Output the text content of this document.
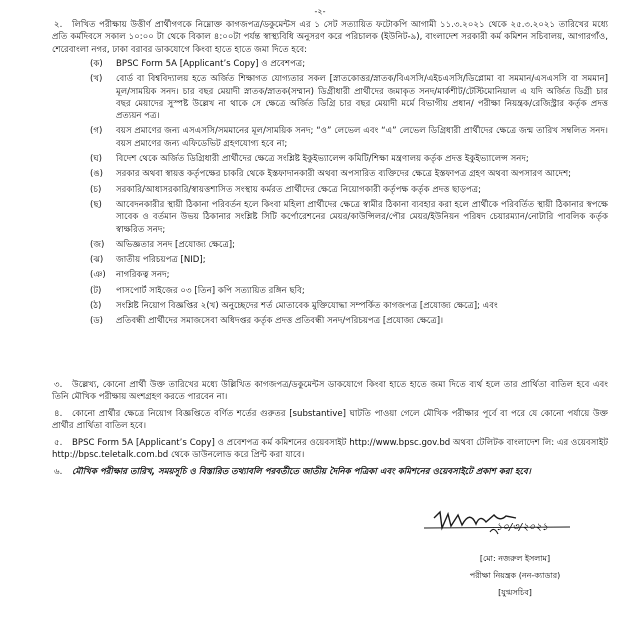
-২-
২. লিখিত পরীক্ষায় উত্তীর্ণ প্রার্থীগণকে নিম্নোক্ত কাগজপত্র/ডকুমেন্টস এর ১ সেট সত্যায়িত ফটোকপি আগামী ১১.৩.২০২১ থেকে ২৫.৩.২০২১ তারিখের মধ্যে প্রতি কর্মদিবসে সকাল ১০:০০ টা থেকে বিকাল ৪:০০টা পর্যন্ত স্বাস্থ্যবিধি অনুসরণ করে পরিচালক (ইউনিট-৯), বাংলাদেশ সরকারী কর্ম কমিশন সচিবালয়, আগারগাঁও, শেরেবাংলা নগর, ঢাকা বরাবর ডাকযোগে কিংবা হাতে হাতে জমা দিতে হবে:
(ক) BPSC Form 5A [Applicant’s Copy] ও প্রবেশপত্র;
(খ) বোর্ড বা বিশ্ববিদ্যালয় হতে অর্জিত শিক্ষাগত যোগ্যতার সকল [স্নাতকোত্তর/স্নাতক/বিএসসি/এইচএসসি/ডিপ্লোমা বা সমমান/এসএসসি বা সমমান] মূল/সাময়িক সনদ। চার বছর মেয়াদী স্নাতক/স্নাতক(সম্মান) ডিগ্রীধারী প্রার্থীদের জমাকৃত সনদ/মার্কশীট/টেস্টিমোনিয়াল এ যদি অর্জিত ডিগ্রী চার বছর মেয়াদের সুস্পষ্ট উল্লেখ না থাকে সে ক্ষেত্রে অর্জিত ডিগ্রি চার বছর মেয়াদী মর্মে বিভাগীয় প্রধান/ পরীক্ষা নিয়ন্ত্রক/রেজিস্ট্রার কর্তৃক প্রদত্ত প্রত্যয়ন পত্র।
(গ) বয়স প্রমাণের জন্য এসএসসি/সমমানের মূল/সাময়িক সনদ; “ও” লেভেল এবং “এ” লেভেল ডিগ্রিধারী প্রার্থীদের ক্ষেত্রে জন্ম তারিখ সম্বলিত সনদ। বয়স প্রমাণের জন্য এফিডেভিট গ্রহণযোগ্য হবে না;
(ঘ) বিদেশ থেকে অর্জিত ডিগ্রিধারী প্রার্থীদের ক্ষেত্রে সংশ্লিষ্ট ইকুইভ্যালেন্স কমিটি/শিক্ষা মন্ত্রণালয় কর্তৃক প্রদত্ত ইকুইভ্যালেন্স সনদ;
(ঙ) সরকার অথবা স্বায়ত্ত কর্তৃপক্ষের চাকরি থেকে ইস্তফাদানকারী অথবা অপসারিত ব্যক্তিদের ক্ষেত্রে ইস্তফাপত্র গ্রহণ অথবা অপসারণ আদেশ;
(চ) সরকারি/আধাসরকারি/স্বায়ত্তশাসিত সংস্থায় কর্মরত প্রার্থীদের ক্ষেত্রে নিয়োগকারী কর্তৃপক্ষ কর্তৃক প্রদত্ত ছাড়পত্র;
(ছ) আবেদনকারীর স্থায়ী ঠিকানা পরিবর্তন হলে কিংবা মহিলা প্রার্থীদের ক্ষেত্রে স্বামীর ঠিকানা ব্যবহার করা হলে প্রার্থীকে পরিবর্তিত স্থায়ী ঠিকানার স্বপক্ষে সাবেক ও বর্তমান উভয় ঠিকানার সংশ্লিষ্ট সিটি কর্পোরেশনের মেয়র/কাউন্সিলর/পৌর মেয়র/ইউনিয়ন পরিষদ চেয়ারম্যান/নোটারি পাবলিক কর্তৃক স্বাক্ষরিত সনদ;
(জ) অভিজ্ঞতার সনদ [প্রযোজ্য ক্ষেত্রে];
(ঝ) জাতীয় পরিচয়পত্র [NID];
(ঞ) নাগরিকত্ব সনদ;
(ট) পাসপোর্ট সাইজের ০৩ [তিন] কপি সত্যায়িত রঙ্গিন ছবি;
(ঠ) সংশ্লিষ্ট নিয়োগ বিজ্ঞপ্তির ২(খ) অনুচ্ছেদের শর্ত মোতাবেক মুক্তিযোদ্ধা সম্পর্কিত কাগজপত্র [প্রযোজ্য ক্ষেত্রে]; এবং
(ড) প্রতিবন্ধী প্রার্থীদের সমাজসেবা অধিদপ্তর কর্তৃক প্রদত্ত প্রতিবন্ধী সনদ/পরিচয়পত্র [প্রযোজ্য ক্ষেত্রে]।
৩. উল্লেখ্য, কোনো প্রার্থী উক্ত তারিখের মধ্যে উল্লিখিত কাগজপত্র/ডকুমেন্টস ডাকযোগে কিংবা হাতে হাতে জমা দিতে ব্যর্থ হলে তার প্রার্থিতা বাতিল হবে এবং তিনি মৌখিক পরীক্ষায় অংশগ্রহণ করতে পারবেন না।
৪. কোনো প্রার্থীর ক্ষেত্রে নিয়োগ বিজ্ঞপ্তিতে বর্ণিত শর্তের গুরুতর [substantive] ঘাটতি পাওয়া গেলে মৌখিক পরীক্ষার পূর্বে বা পরে যে কোনো পর্যায়ে উক্ত প্রার্থীর প্রার্থিতা বাতিল হবে।
৫. BPSC Form 5A [Applicant’s Copy] ও প্রবেশপত্র কর্ম কমিশনের ওয়েবসাইট http://www.bpsc.gov.bd অথবা টেলিটক বাংলাদেশ লি: এর ওয়েবসাইট http://bpsc.teletalk.com.bd থেকে ডাউনলোড করে প্রিন্ট করা যাবে।
৬. মৌখিক পরীক্ষার তারিখ, সময়সূচি ও বিস্তারিত তথ্যাবলি পরবর্তীতে জাতীয় দৈনিক পত্রিকা এবং কমিশনের ওয়েবসাইটে প্রকাশ করা হবে।
১০/৩/২০২১
[মো: নজরুল ইসলাম]
পরীক্ষা নিয়ন্ত্রক (নন-ক্যাডার)
[যুগ্মসচিব]
